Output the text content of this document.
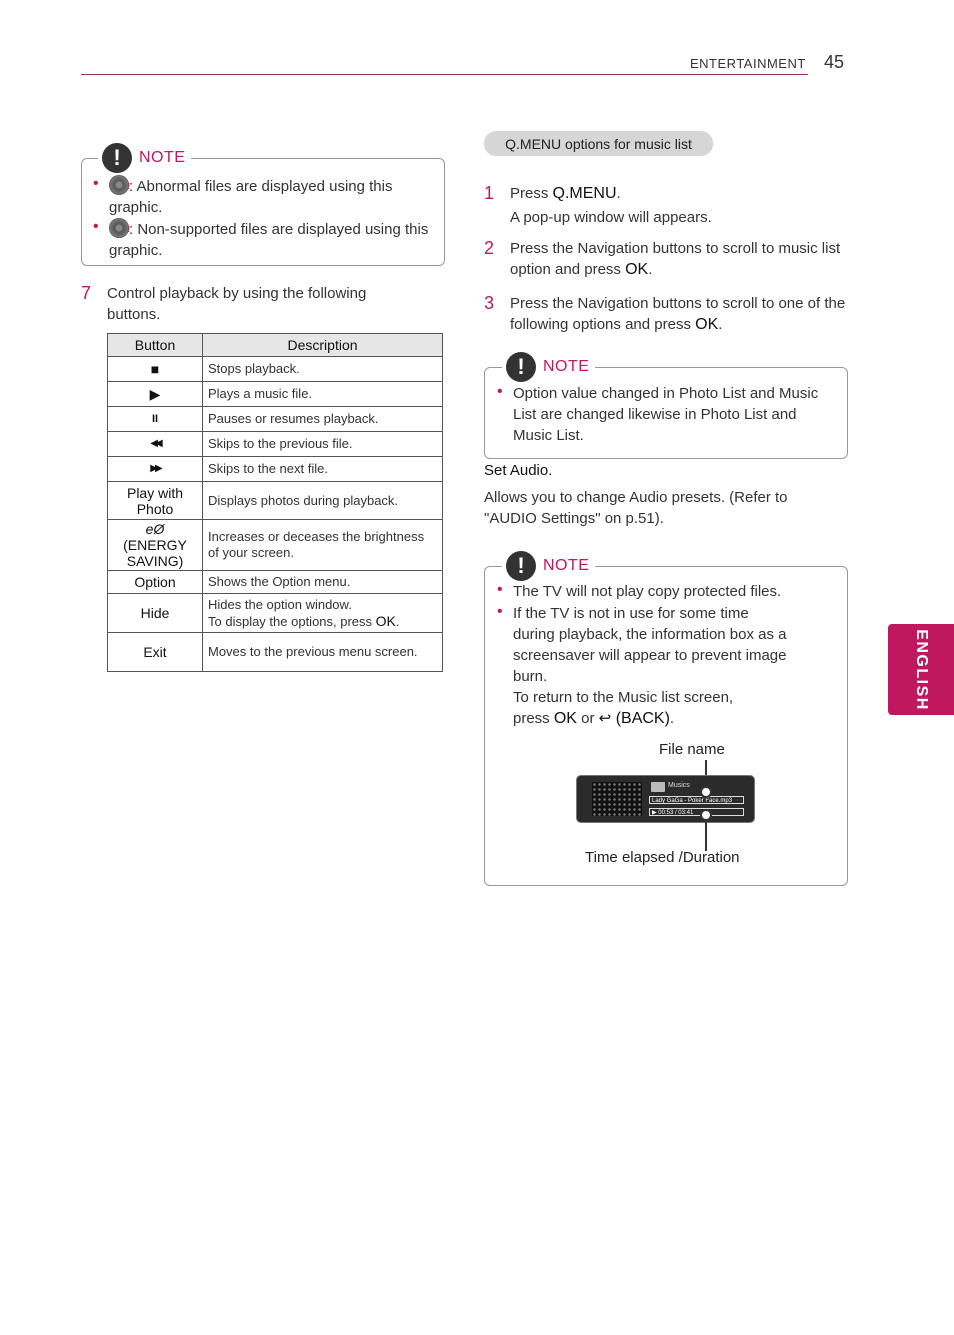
ENTERTAINMENT 45
ENGLISH
!	NOTE
• !	: Abnormal files are displayed using this graphic.
• !	: Non-supported files are displayed using this graphic.
7 Control playback by using the following buttons.
Button	Description
■	Stops playback.
▶	Plays a music file.
II	Pauses or resumes playback.
◀◀	Skips to the previous file.
▶▶	Skips to the next file.
Play with Photo	Displays photos during playback.

eØ
(ENERGY SAVING)	Increases or deceases the brightness of your screen.
Option	Shows the Option menu.
Hide	Hides the option window.
To display the options, press OK.

Exit	Moves to the previous menu screen.
Q.MENU options for music list
1 Press Q.MENU.
A pop-up window will appears.
2 Press the Navigation buttons to scroll to music list option and press OK.
3 Press the Navigation buttons to scroll to one of the following options and press OK.
!	NOTE
• Option value changed in Photo List and Music List are changed likewise in Photo List and Music List.
Set Audio.
Allows you to change Audio presets. (Refer to "AUDIO Settings" on p.51).
!	NOTE
• The TV will not play copy protected files.
• If the TV is not in use for some time
during playback, the information box as a
screensaver will appear to prevent image
burn.
To return to the Music list screen,
press OK or ↩ (BACK).
File name
Musics
Lady GaGa - Poker Face.mp3
▶ 00:53 / 03:41
Time elapsed /Duration
